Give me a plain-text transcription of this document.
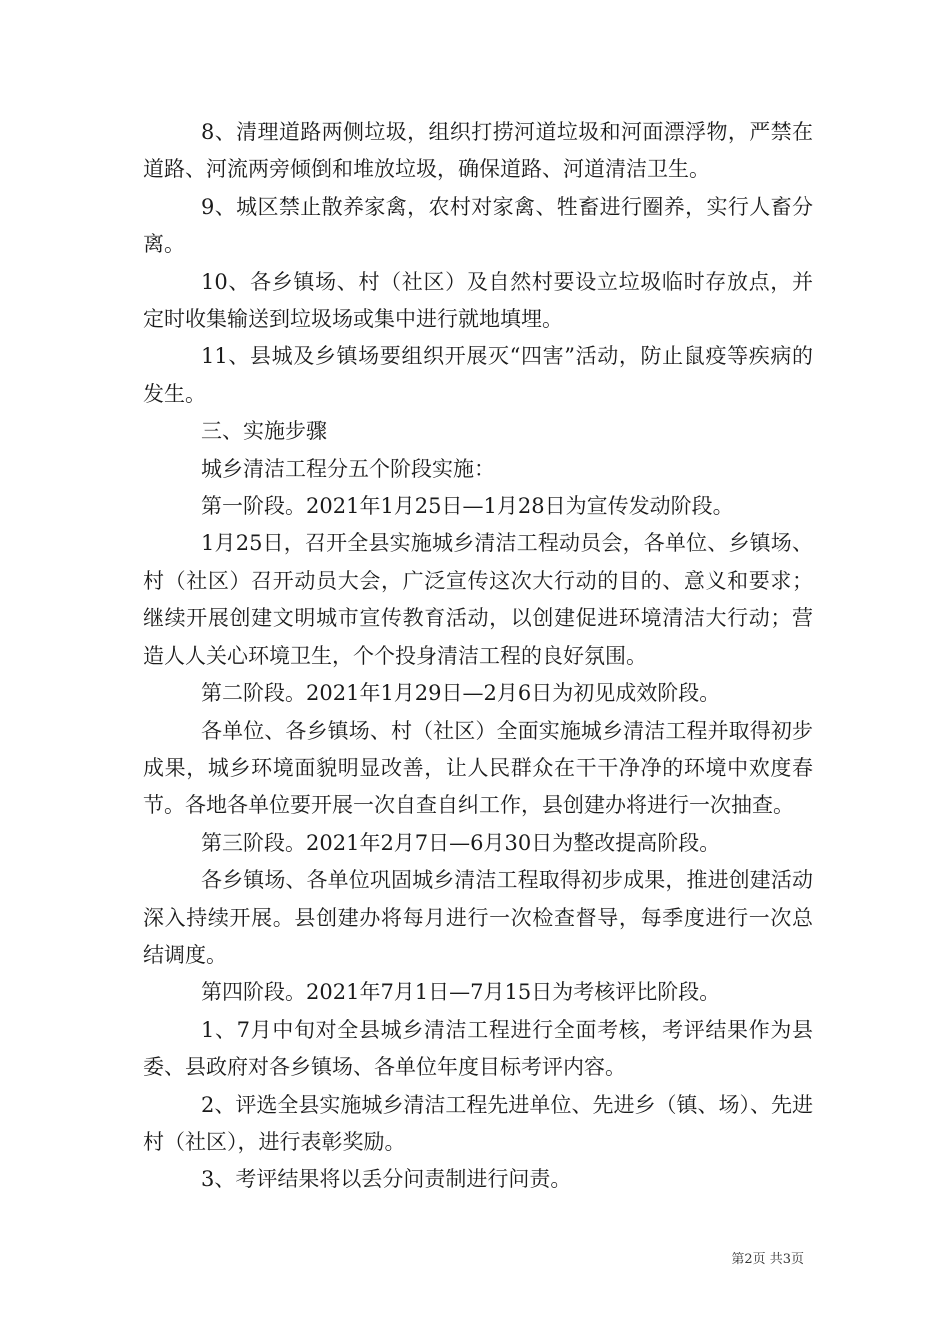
8、清理道路两侧垃圾，组织打捞河道垃圾和河面漂浮物，严禁在道路、河流两旁倾倒和堆放垃圾，确保道路、河道清洁卫生。

9、城区禁止散养家禽，农村对家禽、牲畜进行圈养，实行人畜分离。

10、各乡镇场、村（社区）及自然村要设立垃圾临时存放点，并定时收集输送到垃圾场或集中进行就地填埋。

11、县城及乡镇场要组织开展灭“四害”活动，防止鼠疫等疾病的发生。

三、实施步骤

城乡清洁工程分五个阶段实施：

第一阶段。2021年1月25日—1月28日为宣传发动阶段。

1月25日，召开全县实施城乡清洁工程动员会，各单位、乡镇场、村（社区）召开动员大会，广泛宣传这次大行动的目的、意义和要求；继续开展创建文明城市宣传教育活动，以创建促进环境清洁大行动；营造人人关心环境卫生，个个投身清洁工程的良好氛围。

第二阶段。2021年1月29日—2月6日为初见成效阶段。

各单位、各乡镇场、村（社区）全面实施城乡清洁工程并取得初步成果，城乡环境面貌明显改善，让人民群众在干干净净的环境中欢度春节。各地各单位要开展一次自查自纠工作，县创建办将进行一次抽查。

第三阶段。2021年2月7日—6月30日为整改提高阶段。

各乡镇场、各单位巩固城乡清洁工程取得初步成果，推进创建活动深入持续开展。县创建办将每月进行一次检查督导，每季度进行一次总结调度。

第四阶段。2021年7月1日—7月15日为考核评比阶段。

1、7月中旬对全县城乡清洁工程进行全面考核，考评结果作为县委、县政府对各乡镇场、各单位年度目标考评内容。

2、评选全县实施城乡清洁工程先进单位、先进乡（镇、场）、先进村（社区），进行表彰奖励。

3、考评结果将以丢分问责制进行问责。

第2页 共3页
